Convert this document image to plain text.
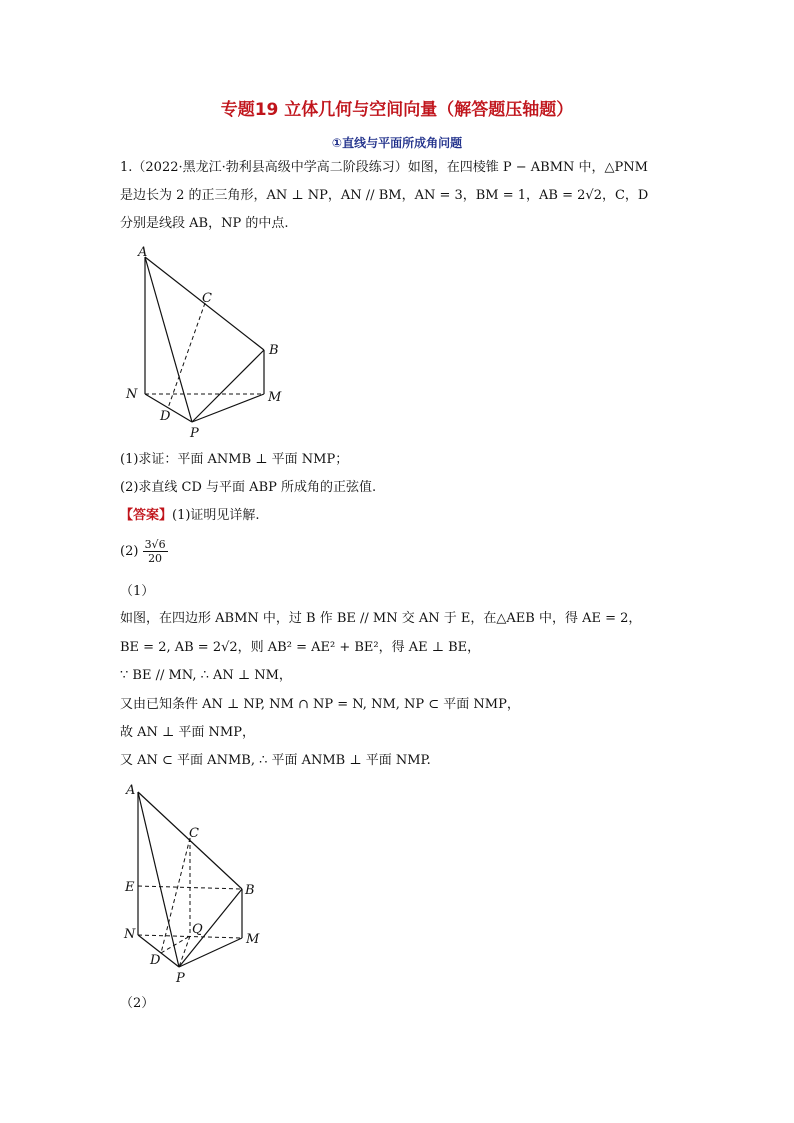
专题19 立体几何与空间向量（解答题压轴题）
①直线与平面所成角问题
1.（2022·黑龙江·勃利县高级中学高二阶段练习）如图，在四棱锥 P − ABMN 中，△PNM
是边长为 2 的正三角形，AN ⊥ NP，AN // BM，AN = 3，BM = 1，AB = 2√2，C，D
分别是线段 AB，NP 的中点.
A
C
B
N	M
D
P
(1)求证：平面 ANMB ⊥ 平面 NMP；
(2)求直线 CD 与平面 ABP 所成角的正弦值.
【答案】(1)证明见详解.
$(2) \frac{3√6}{20}$
（1）
如图，在四边形 ABMN 中，过 B 作 BE // MN 交 AN 于 E，在△AEB 中，得 AE = 2，
BE = 2, AB = 2√2，则 AB² = AE² + BE²，得 AE ⊥ BE，
∵ BE // MN, ∴ AN ⊥ NM，
又由已知条件 AN ⊥ NP, NM ∩ NP = N, NM, NP ⊂ 平面 NMP，
故 AN ⊥ 平面 NMP，
又 AN ⊂ 平面 ANMB, ∴ 平面 ANMB ⊥ 平面 NMP.
A
C
E	B
Q
N	M
D
P
（2）
